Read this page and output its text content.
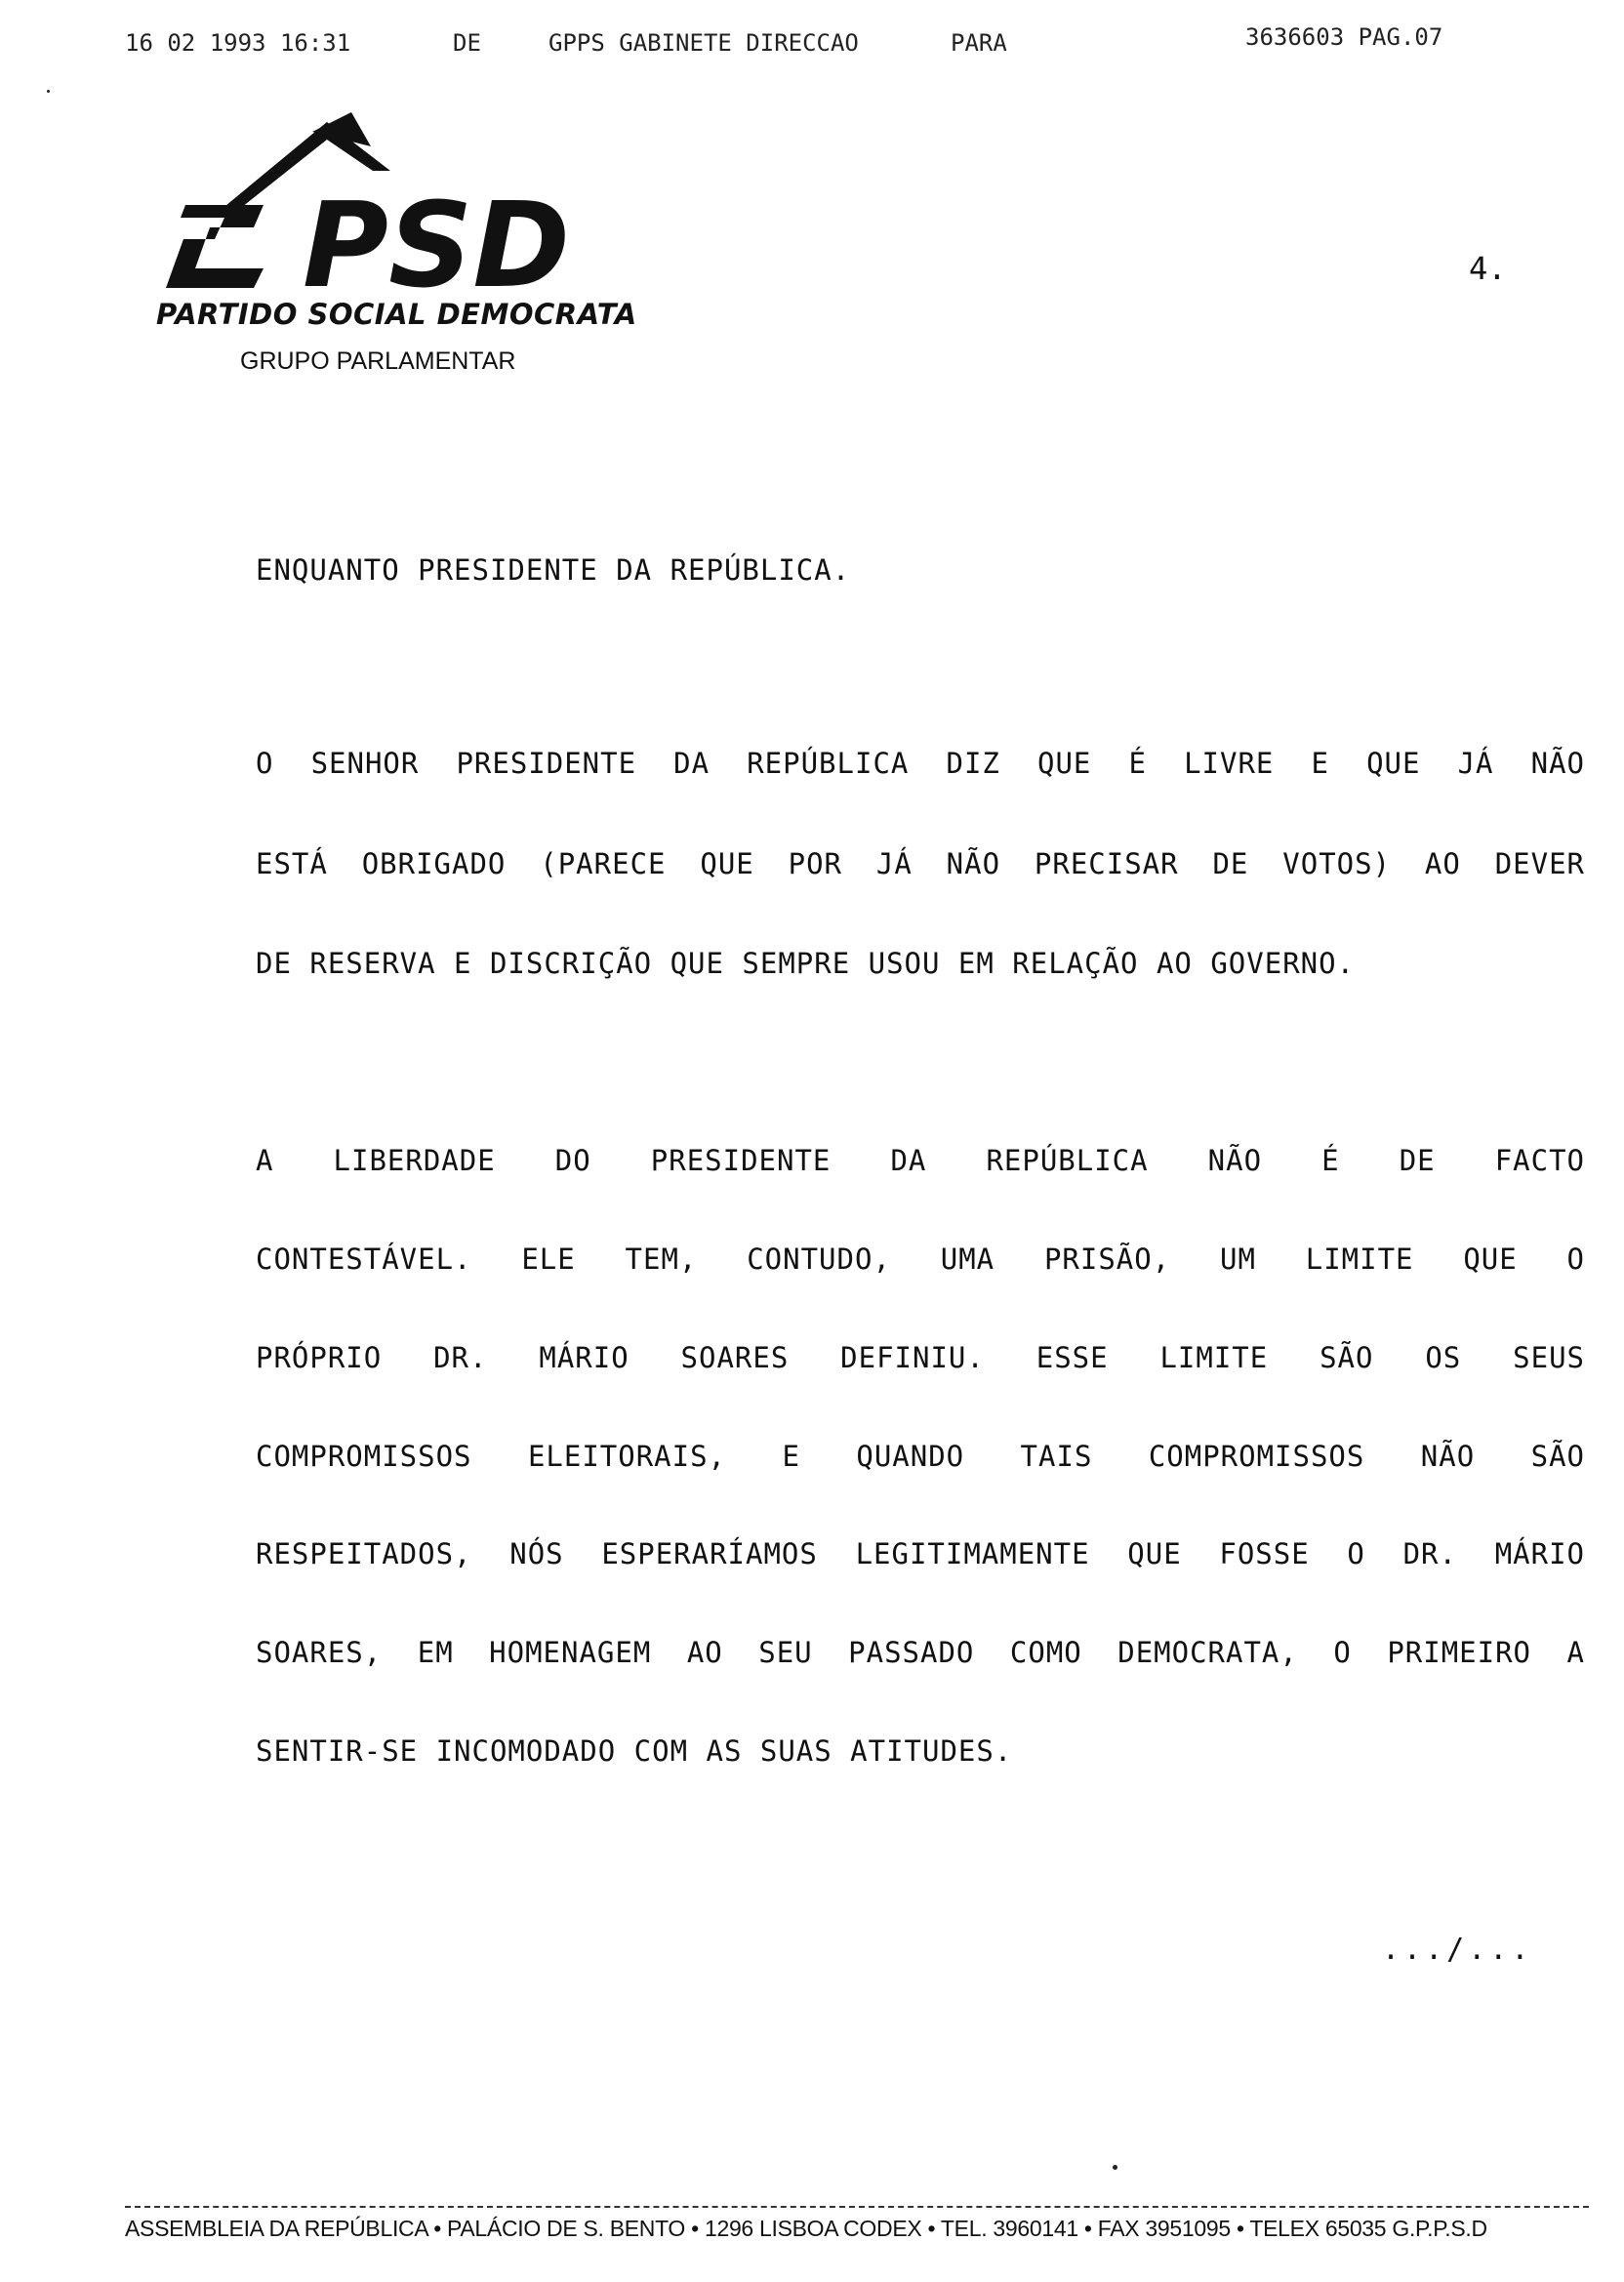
16 02 1993 16:31	DE	GPPS GABINETE DIRECCAO	PARA	3636603 PAG.07
PSD
PARTIDO SOCIAL DEMOCRATA
GRUPO PARLAMENTAR
4.
ENQUANTO PRESIDENTE DA REPÚBLICA.
O SENHOR PRESIDENTE DA REPÚBLICA DIZ QUE É LIVRE E QUE JÁ NÃO
ESTÁ OBRIGADO (PARECE QUE POR JÁ NÃO PRECISAR DE VOTOS) AO DEVER
DE RESERVA E DISCRIÇÃO QUE SEMPRE USOU EM RELAÇÃO AO GOVERNO.
A LIBERDADE DO PRESIDENTE DA REPÚBLICA NÃO É DE FACTO
CONTESTÁVEL. ELE TEM, CONTUDO, UMA PRISÃO, UM LIMITE QUE O
PRÓPRIO DR. MÁRIO SOARES DEFINIU. ESSE LIMITE SÃO OS SEUS
COMPROMISSOS ELEITORAIS, E QUANDO TAIS COMPROMISSOS NÃO SÃO
RESPEITADOS, NÓS ESPERARÍAMOS LEGITIMAMENTE QUE FOSSE O DR. MÁRIO
SOARES, EM HOMENAGEM AO SEU PASSADO COMO DEMOCRATA, O PRIMEIRO A
SENTIR-SE INCOMODADO COM AS SUAS ATITUDES.
.../...
ASSEMBLEIA DA REPÚBLICA • PALÁCIO DE S. BENTO • 1296 LISBOA CODEX • TEL. 3960141 • FAX 3951095 • TELEX 65035 G.P.P.S.D
